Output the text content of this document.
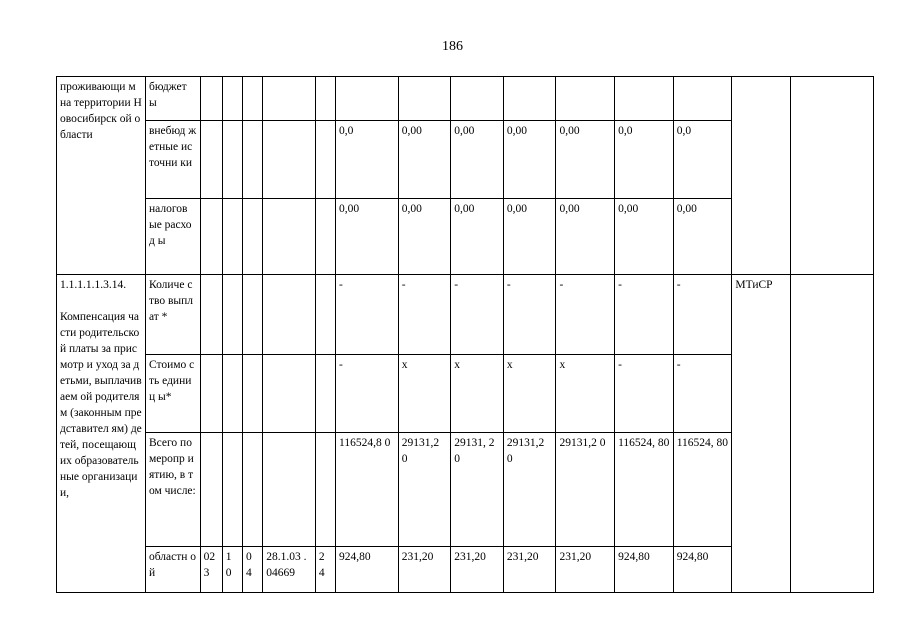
186
проживающи м на территории Новосибирск ой области	бюджет ы														
	внебюд жетные источни ки						0,0	0,00	0,00	0,00	0,00	0,0	0,0		
	налогов ые расход ы						0,00	0,00	0,00	0,00	0,00	0,00	0,00		
1.1.1.1.1.3.14.

Компенсация части родительской платы за присмотр и уход за детьми, выплачиваем ой родителям (законным представител ям) детей, посещающих образователь ные организации,	Количе ство выплат *						-	-	-	-	-	-	-	МТиСР	
	Стоимо сть единиц ы*						-	х	х	х	х	-	-		
	Всего по меропр иятию, в том числе:						116524,8 0	29131,2 0	29131, 20	29131,2 0	29131,2 0	116524, 80	116524, 80		
	областн ой	02 3	1 0	0 4	28.1.03 .04669	2 4	924,80	231,20	231,20	231,20	231,20	924,80	924,80		
